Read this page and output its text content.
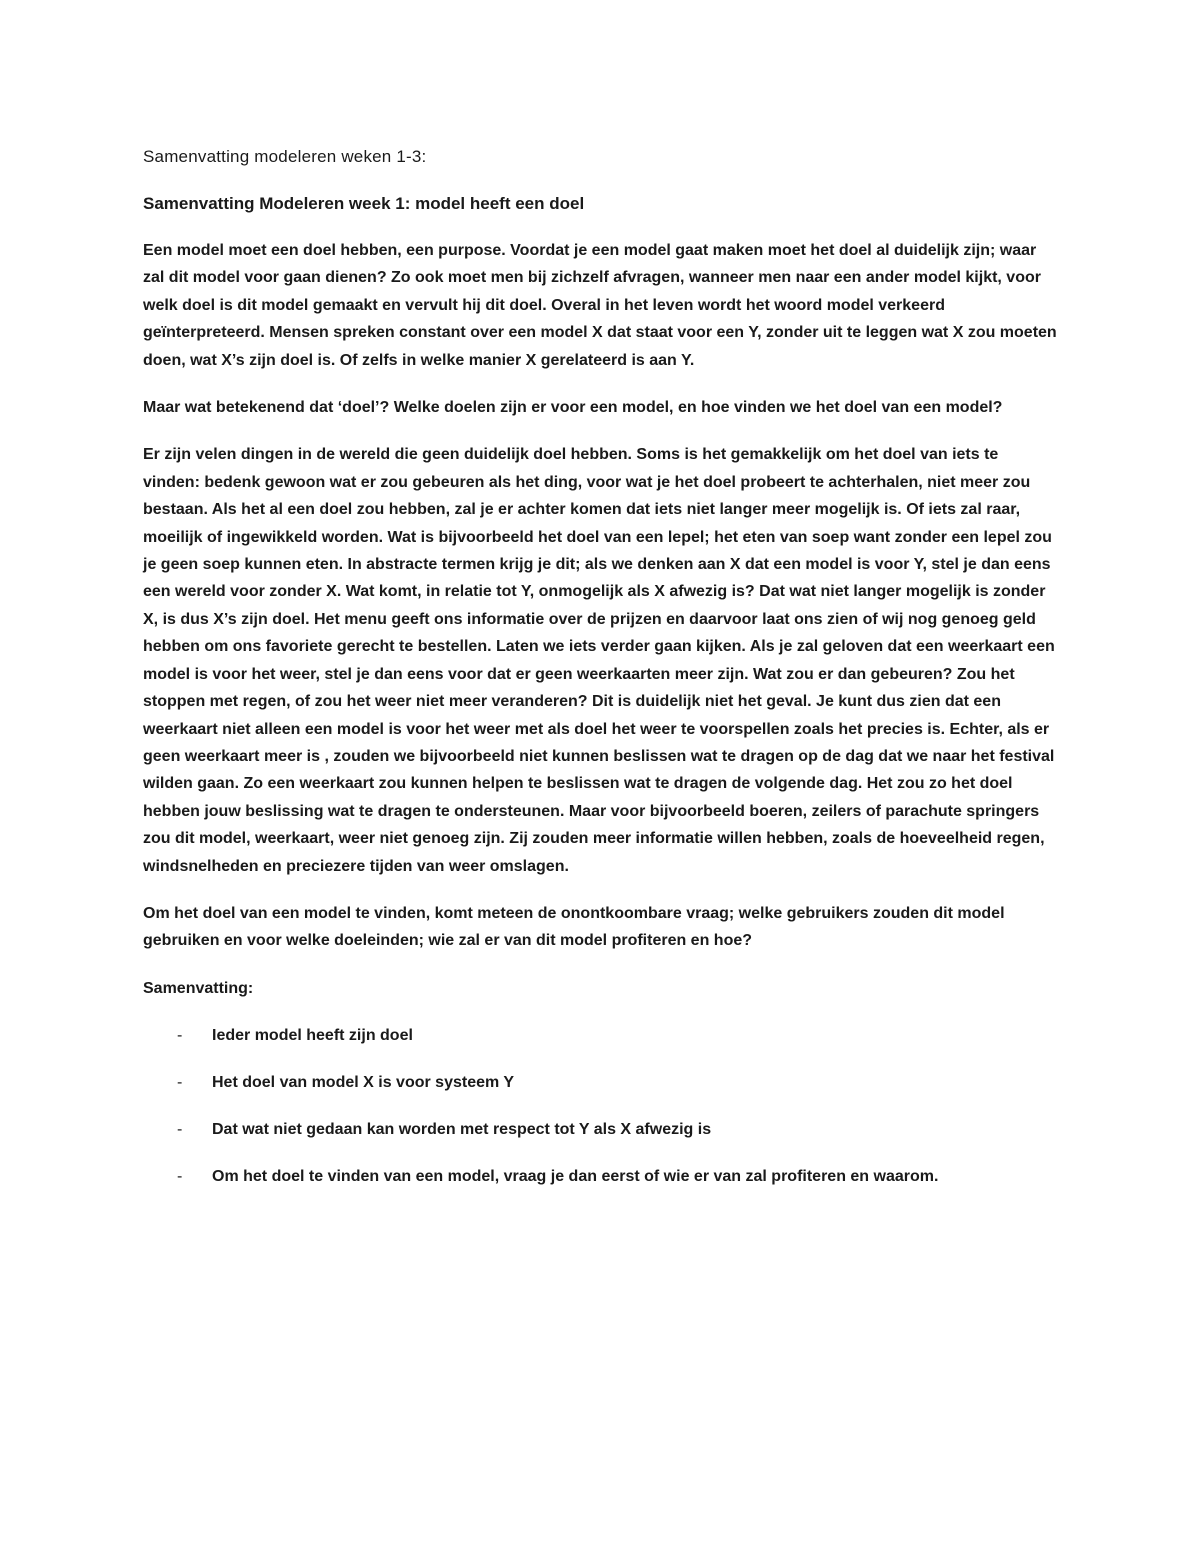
Samenvatting modeleren weken 1-3:
Samenvatting Modeleren week 1: model heeft een doel

Een model moet een doel hebben, een purpose. Voordat je een model gaat maken moet het doel al duidelijk zijn; waar zal dit model voor gaan dienen? Zo ook moet men bij zichzelf afvragen, wanneer men naar een ander model kijkt, voor welk doel is dit model gemaakt en vervult hij dit doel. Overal in het leven wordt het woord model verkeerd geïnterpreteerd. Mensen spreken constant over een model X dat staat voor een Y, zonder uit te leggen wat X zou moeten doen, wat X’s zijn doel is. Of zelfs in welke manier X gerelateerd is aan Y.

Maar wat betekenend dat ‘doel’? Welke doelen zijn er voor een model, en hoe vinden we het doel van een model?

Er zijn velen dingen in de wereld die geen duidelijk doel hebben. Soms is het gemakkelijk om het doel van iets te vinden: bedenk gewoon wat er zou gebeuren als het ding, voor wat je het doel probeert te achterhalen, niet meer zou bestaan. Als het al een doel zou hebben, zal je er achter komen dat iets niet langer meer mogelijk is. Of iets zal raar, moeilijk of ingewikkeld worden. Wat is bijvoorbeeld het doel van een lepel; het eten van soep want zonder een lepel zou je geen soep kunnen eten. In abstracte termen krijg je dit; als we denken aan X dat een model is voor Y, stel je dan eens een wereld voor zonder X. Wat komt, in relatie tot Y, onmogelijk als X afwezig is? Dat wat niet langer mogelijk is zonder X, is dus X’s zijn doel. Het menu geeft ons informatie over de prijzen en daarvoor laat ons zien of wij nog genoeg geld hebben om ons favoriete gerecht te bestellen. Laten we iets verder gaan kijken. Als je zal geloven dat een weerkaart een model is voor het weer, stel je dan eens voor dat er geen weerkaarten meer zijn. Wat zou er dan gebeuren? Zou het stoppen met regen, of zou het weer niet meer veranderen? Dit is duidelijk niet het geval. Je kunt dus zien dat een weerkaart niet alleen een model is voor het weer met als doel het weer te voorspellen zoals het precies is. Echter, als er geen weerkaart meer is , zouden we bijvoorbeeld niet kunnen beslissen wat te dragen op de dag dat we naar het festival wilden gaan. Zo een weerkaart zou kunnen helpen te beslissen wat te dragen de volgende dag. Het zou zo het doel hebben jouw beslissing wat te dragen te ondersteunen. Maar voor bijvoorbeeld boeren, zeilers of parachute springers zou dit model, weerkaart, weer niet genoeg zijn. Zij zouden meer informatie willen hebben, zoals de hoeveelheid regen, windsnelheden en preciezere tijden van weer omslagen.

Om het doel van een model te vinden, komt meteen de onontkoombare vraag; welke gebruikers zouden dit model gebruiken en voor welke doeleinden; wie zal er van dit model profiteren en hoe?

Samenvatting:
- Ieder model heeft zijn doel
- Het doel van model X is voor systeem Y
- Dat wat niet gedaan kan worden met respect tot Y als X afwezig is
- Om het doel te vinden van een model, vraag je dan eerst of wie er van zal profiteren en waarom.
